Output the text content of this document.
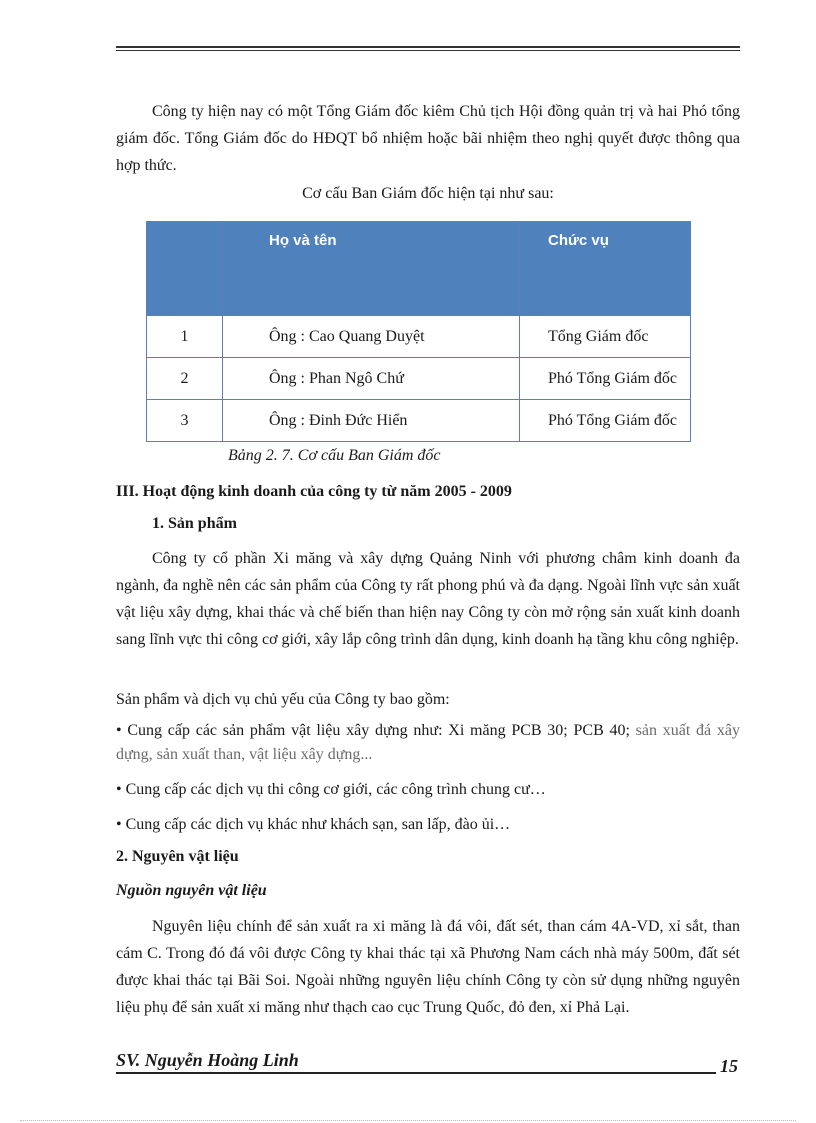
Công ty hiện nay có một Tổng Giám đốc kiêm Chủ tịch Hội đồng quản trị và hai Phó tổng giám đốc. Tổng Giám đốc do HĐQT bổ nhiệm hoặc bãi nhiệm theo nghị quyết được thông qua hợp thức.

Cơ cấu Ban Giám đốc hiện tại như sau:

	Họ và tên	Chức vụ

1	Ông : Cao Quang Duyệt	Tổng Giám đốc
2	Ông : Phan Ngô Chứ	Phó Tổng Giám đốc
3	Ông : Đinh Đức Hiển	Phó Tổng Giám đốc

Bảng 2. 7. Cơ cấu Ban Giám đốc

III. Hoạt động kinh doanh của công ty từ năm 2005 - 2009

1. Sản phẩm

Công ty cổ phần Xi măng và xây dựng Quảng Ninh với phương châm kinh doanh đa ngành, đa nghề nên các sản phẩm của Công ty rất phong phú và đa dạng. Ngoài lĩnh vực sản xuất vật liệu xây dựng, khai thác và chế biến than hiện nay Công ty còn mở rộng sản xuất kinh doanh sang lĩnh vực thi công cơ giới, xây lắp công trình dân dụng, kinh doanh hạ tầng khu công nghiệp.

Sản phẩm và dịch vụ chủ yếu của Công ty bao gồm:

• Cung cấp các sản phẩm vật liệu xây dựng như: Xi măng PCB 30; PCB 40; sản xuất đá xây dựng, sản xuất than, vật liệu xây dựng...

• Cung cấp các dịch vụ thi công cơ giới, các công trình chung cư…

• Cung cấp các dịch vụ khác như khách sạn, san lấp, đào ủi…

2. Nguyên vật liệu

Nguồn nguyên vật liệu

Nguyên liệu chính để sản xuất ra xi măng là đá vôi, đất sét, than cám 4A-VD, xỉ sắt, than cám C. Trong đó đá vôi được Công ty khai thác tại xã Phương Nam cách nhà máy 500m, đất sét được khai thác tại Bãi Soi. Ngoài những nguyên liệu chính Công ty còn sử dụng những nguyên liệu phụ để sản xuất xi măng như thạch cao cục Trung Quốc, đỏ đen, xỉ Phả Lại.

SV. Nguyễn Hoàng Linh	15
